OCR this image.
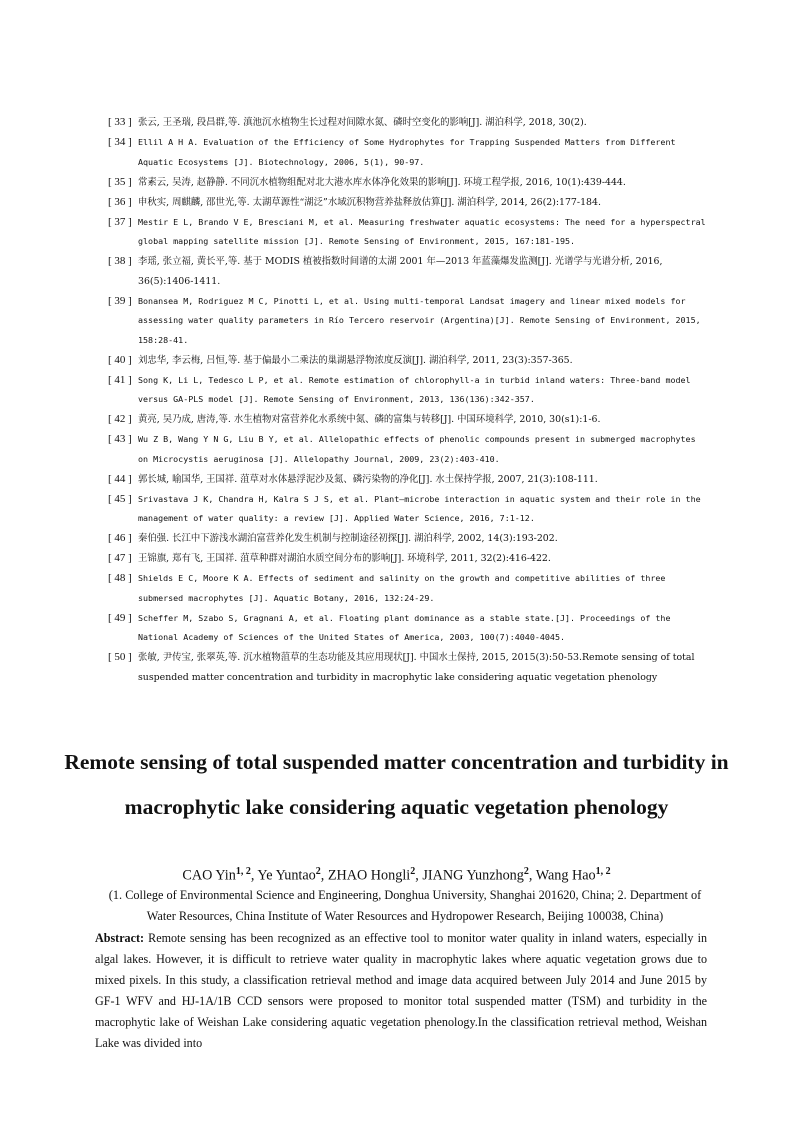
[ 33 ] 张云, 王圣瑞, 段昌群,等. 滇池沉水植物生长过程对间隙水氮、磷时空变化的影响[J]. 湖泊科学, 2018, 30(2).
[ 34 ] Ellil A H A. Evaluation of the Efficiency of Some Hydrophytes for Trapping Suspended Matters from Different Aquatic Ecosystems [J]. Biotechnology, 2006, 5(1), 90-97.
[ 35 ] 常素云, 吴涛, 赵静静. 不同沉水植物组配对北大港水库水体净化效果的影响[J]. 环境工程学报, 2016, 10(1):439-444.
[ 36 ] 申秋实, 周麒麟, 邵世光,等. 太湖草源性“湖泛”水域沉积物营养盐释放估算[J]. 湖泊科学, 2014, 26(2):177-184.
[ 37 ] Mestir E L, Brando V E, Bresciani M, et al. Measuring freshwater aquatic ecosystems: The need for a hyperspectral global mapping satellite mission [J]. Remote Sensing of Environment, 2015, 167:181-195.
[ 38 ] 李瑶, 张立福, 黄长平,等. 基于 MODIS 植被指数时间谱的太湖 2001 年—2013 年蓝藻爆发监测[J]. 光谱学与光谱分析, 2016, 36(5):1406-1411.
[ 39 ] Bonansea M, Rodriguez M C, Pinotti L, et al. Using multi-temporal Landsat imagery and linear mixed models for assessing water quality parameters in Río Tercero reservoir (Argentina)[J]. Remote Sensing of Environment, 2015, 158:28-41.
[ 40 ] 刘忠华, 李云梅, 吕恒,等. 基于偏最小二乘法的巢湖悬浮物浓度反演[J]. 湖泊科学, 2011, 23(3):357-365.
[ 41 ] Song K, Li L, Tedesco L P, et al. Remote estimation of chlorophyll-a in turbid inland waters: Three-band model versus GA-PLS model [J]. Remote Sensing of Environment, 2013, 136(136):342-357.
[ 42 ] 黄亮, 吴乃成, 唐涛,等. 水生植物对富营养化水系统中氮、磷的富集与转移[J]. 中国环境科学, 2010, 30(s1):1-6.
[ 43 ] Wu Z B, Wang Y N G, Liu B Y, et al. Allelopathic effects of phenolic compounds present in submerged macrophytes on Microcystis aeruginosa [J]. Allelopathy Journal, 2009, 23(2):403-410.
[ 44 ] 郭长城, 喻国华, 王国祥. 菹草对水体悬浮泥沙及氮、磷污染物的净化[J]. 水土保持学报, 2007, 21(3):108-111.
[ 45 ] Srivastava J K, Chandra H, Kalra S J S, et al. Plant–microbe interaction in aquatic system and their role in the management of water quality: a review [J]. Applied Water Science, 2016, 7:1-12.
[ 46 ] 秦伯强. 长江中下游浅水湖泊富营养化发生机制与控制途径初探[J]. 湖泊科学, 2002, 14(3):193-202.
[ 47 ] 王锦旗, 郑有飞, 王国祥. 菹草种群对湖泊水质空间分布的影响[J]. 环境科学, 2011, 32(2):416-422.
[ 48 ] Shields E C, Moore K A. Effects of sediment and salinity on the growth and competitive abilities of three submersed macrophytes [J]. Aquatic Botany, 2016, 132:24-29.
[ 49 ] Scheffer M, Szabo S, Gragnani A, et al. Floating plant dominance as a stable state.[J]. Proceedings of the National Academy of Sciences of the United States of America, 2003, 100(7):4040-4045.
[ 50 ] 张敏, 尹传宝, 张翠英,等. 沉水植物菹草的生态功能及其应用现状[J]. 中国水土保持, 2015, 2015(3):50-53.Remote sensing of total suspended matter concentration and turbidity in macrophytic lake considering aquatic vegetation phenology
Remote sensing of total suspended matter concentration and turbidity in macrophytic lake considering aquatic vegetation phenology
CAO Yin$^{1, 2}$, Ye Yuntao$^2$, ZHAO Hongli$^2$, JIANG Yunzhong$^2$, Wang Hao$^{1, 2}$
(1. College of Environmental Science and Engineering, Donghua University, Shanghai 201620, China; 2. Department of Water Resources, China Institute of Water Resources and Hydropower Research, Beijing 100038, China)
Abstract: Remote sensing has been recognized as an effective tool to monitor water quality in inland waters, especially in algal lakes. However, it is difficult to retrieve water quality in macrophytic lakes where aquatic vegetation grows due to mixed pixels. In this study, a classification retrieval method and image data acquired between July 2014 and June 2015 by GF-1 WFV and HJ-1A/1B CCD sensors were proposed to monitor total suspended matter (TSM) and turbidity in the macrophytic lake of Weishan Lake considering aquatic vegetation phenology.In the classification retrieval method, Weishan Lake was divided into
